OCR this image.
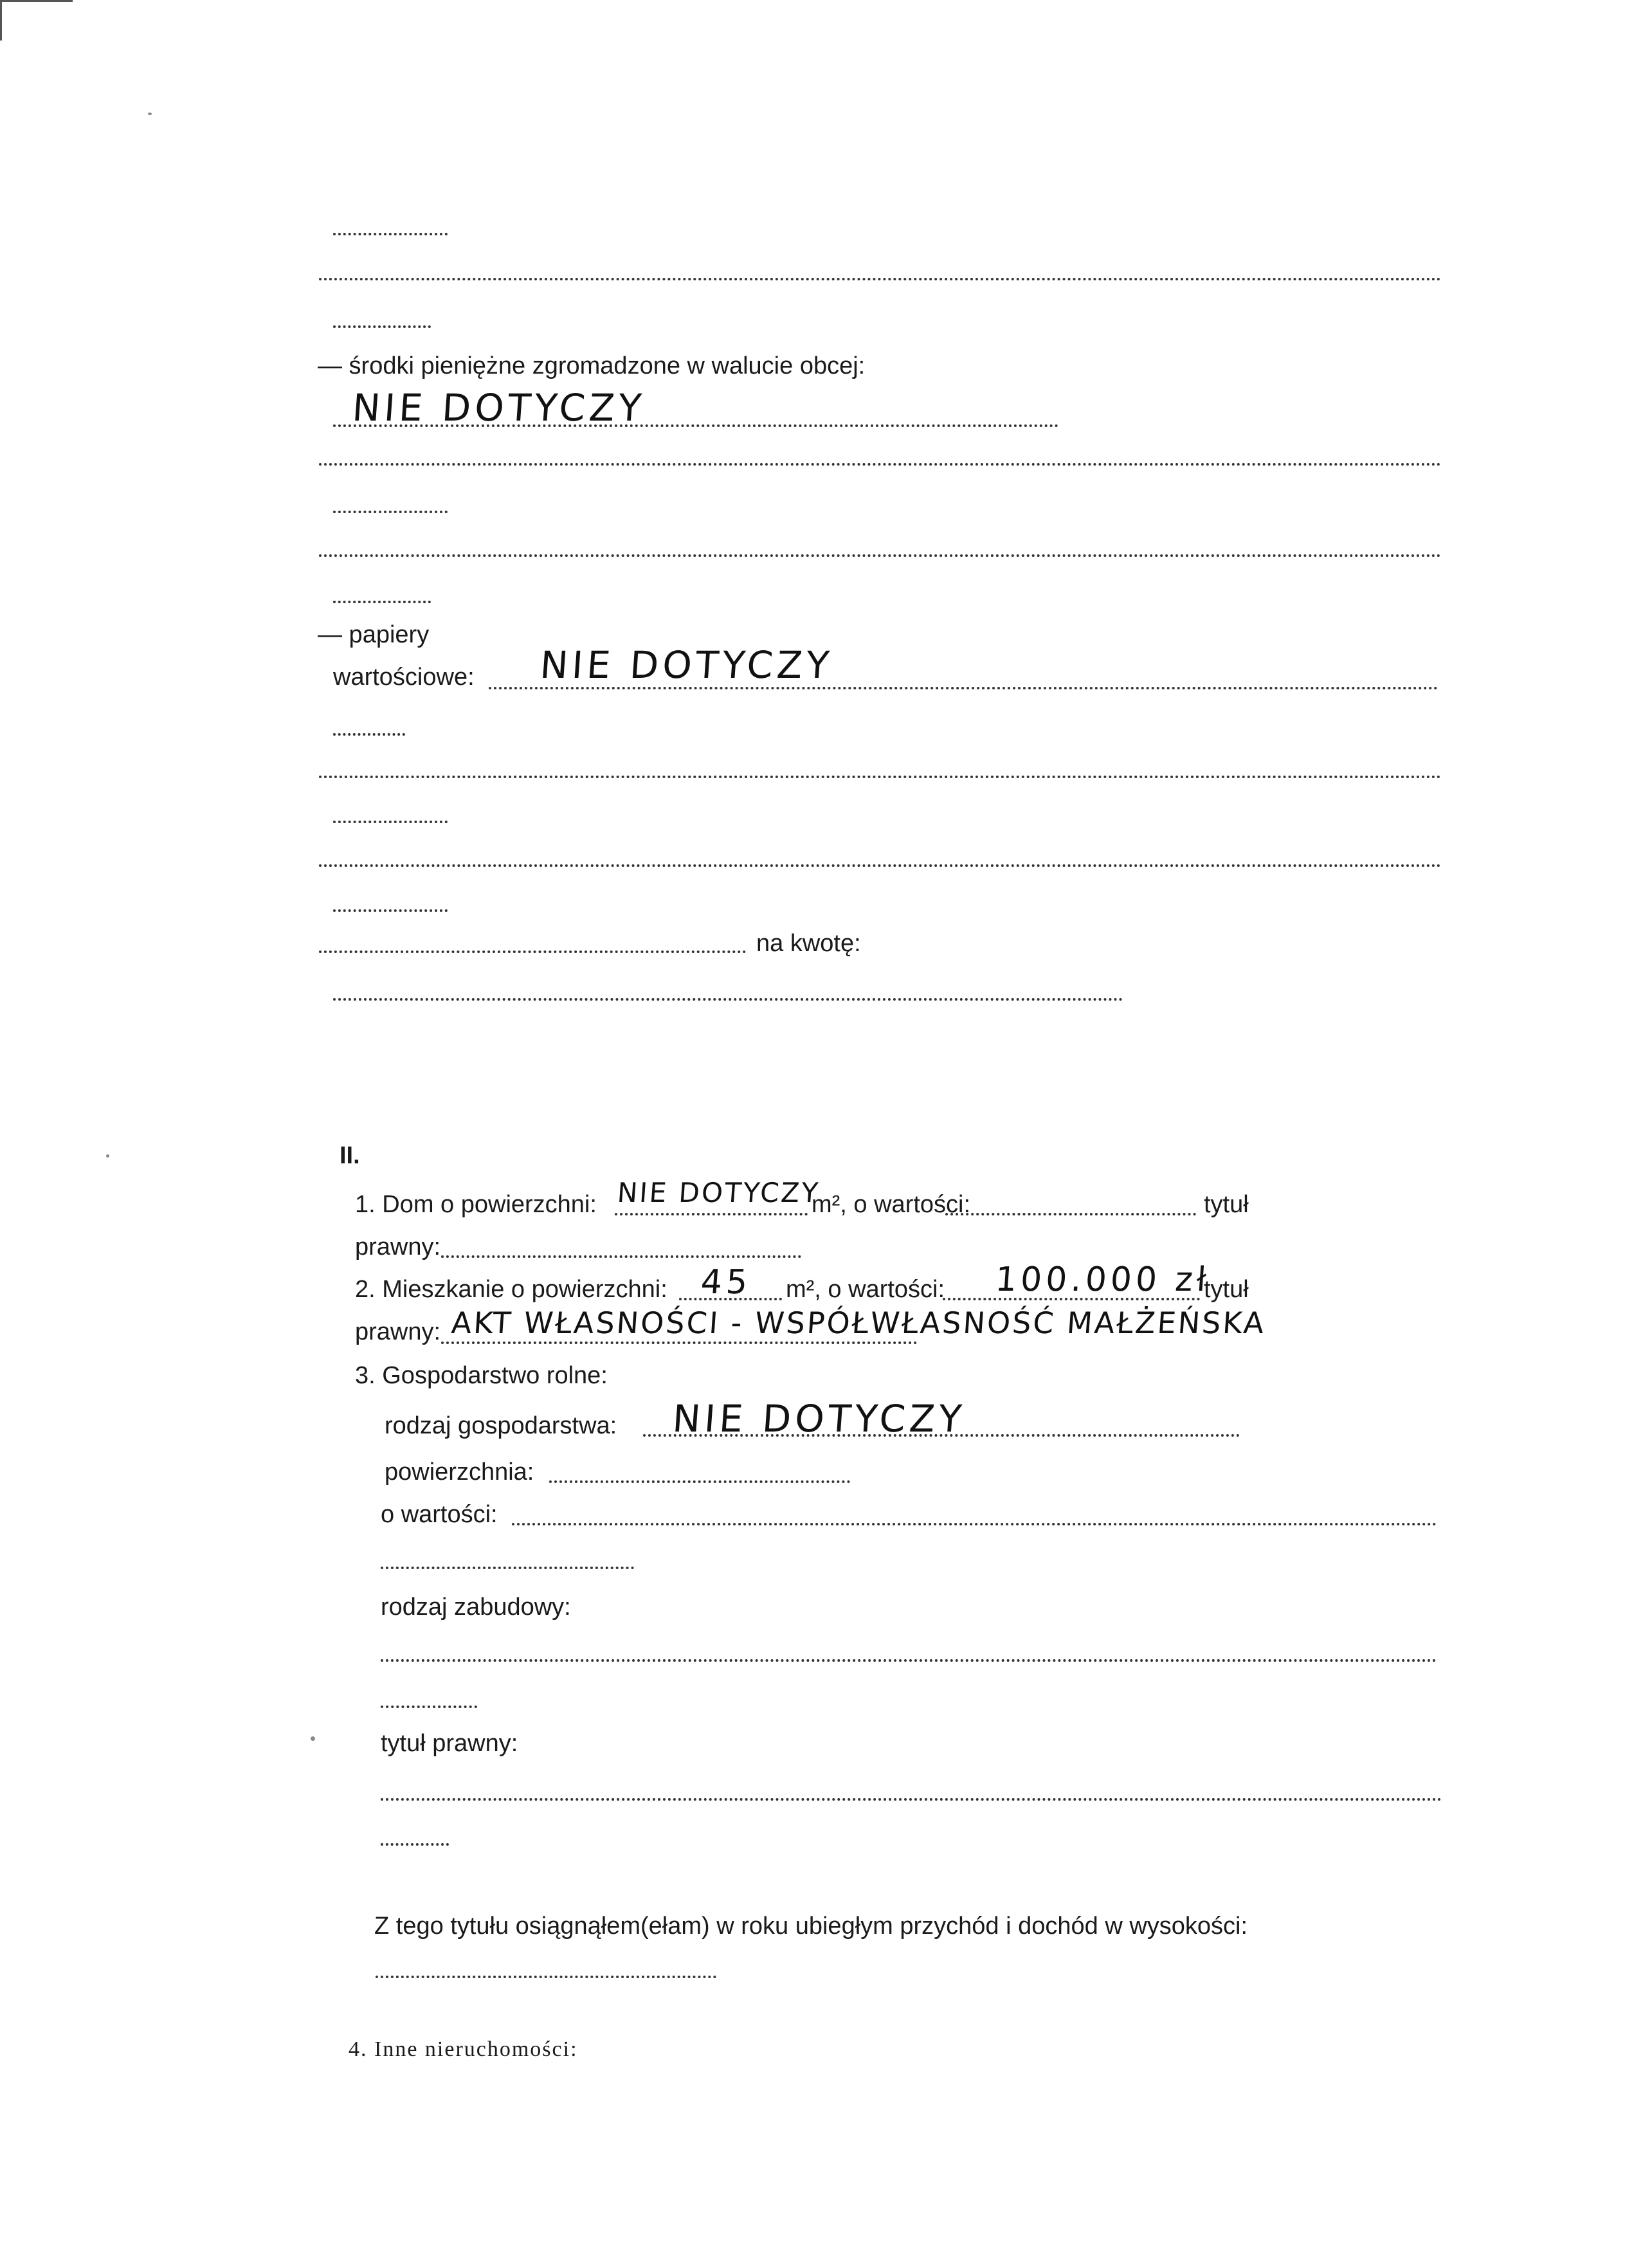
— środki pieniężne zgromadzone w walucie obcej:
NIE DOTYCZY
— papiery
wartościowe: NIE DOTYCZY
na kwotę:
II.
1. Dom o powierzchni: NIE DOTYCZY
m², o wartości:	tytuł
prawny:
2. Mieszkanie o powierzchni: 45 m², o wartości: 100.000 zł
tytuł
prawny: AKT WŁASNOŚCI - WSPÓŁWŁASNOŚĆ MAŁŻEŃSKA
3. Gospodarstwo rolne:
rodzaj gospodarstwa: NIE DOTYCZY
powierzchnia:
o wartości:
rodzaj zabudowy:
tytuł prawny:
Z tego tytułu osiągnąłem(ełam) w roku ubiegłym przychód i dochód w wysokości:
4. Inne nieruchomości:
